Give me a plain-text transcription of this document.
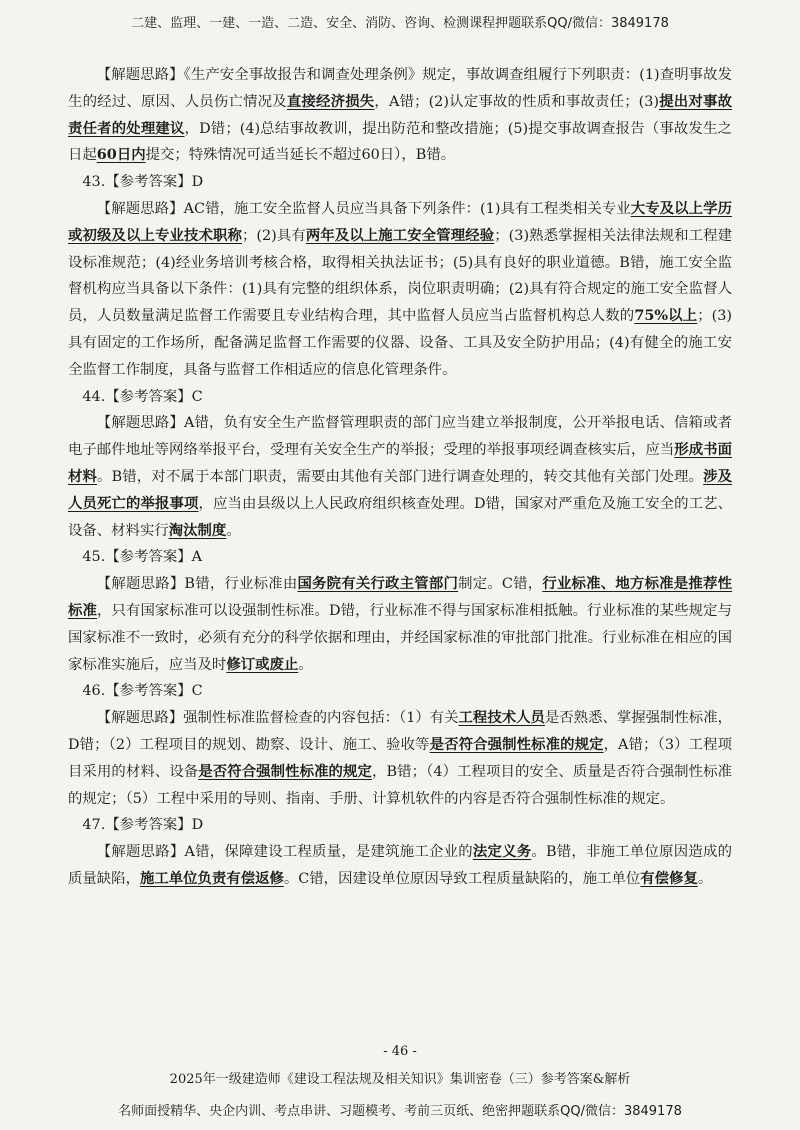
二建、监理、一建、一造、二造、安全、消防、咨询、检测课程押题联系QQ/微信：3849178

【解题思路】《生产安全事故报告和调查处理条例》规定，事故调查组履行下列职责：(1)查明事故发生的经过、原因、人员伤亡情况及直接经济损失，A错；(2)认定事故的性质和事故责任；(3)提出对事故责任者的处理建议，D错；(4)总结事故教训，提出防范和整改措施；(5)提交事故调查报告（事故发生之日起60日内提交；特殊情况可适当延长不超过60日），B错。

43.【参考答案】D

【解题思路】AC错，施工安全监督人员应当具备下列条件：(1)具有工程类相关专业大专及以上学历或初级及以上专业技术职称；(2)具有两年及以上施工安全管理经验；(3)熟悉掌握相关法律法规和工程建设标准规范；(4)经业务培训考核合格，取得相关执法证书；(5)具有良好的职业道德。B错，施工安全监督机构应当具备以下条件：(1)具有完整的组织体系，岗位职责明确；(2)具有符合规定的施工安全监督人员，人员数量满足监督工作需要且专业结构合理，其中监督人员应当占监督机构总人数的75%以上；(3)具有固定的工作场所，配备满足监督工作需要的仪器、设备、工具及安全防护用品；(4)有健全的施工安全监督工作制度，具备与监督工作相适应的信息化管理条件。

44.【参考答案】C

【解题思路】A错，负有安全生产监督管理职责的部门应当建立举报制度，公开举报电话、信箱或者电子邮件地址等网络举报平台，受理有关安全生产的举报；受理的举报事项经调查核实后，应当形成书面材料。B错，对不属于本部门职责，需要由其他有关部门进行调查处理的，转交其他有关部门处理。涉及人员死亡的举报事项，应当由县级以上人民政府组织核查处理。D错，国家对严重危及施工安全的工艺、设备、材料实行淘汰制度。

45.【参考答案】A

【解题思路】B错，行业标准由国务院有关行政主管部门制定。C错，行业标准、地方标准是推荐性标准，只有国家标准可以设强制性标准。D错，行业标准不得与国家标准相抵触。行业标准的某些规定与国家标准不一致时，必须有充分的科学依据和理由，并经国家标准的审批部门批准。行业标准在相应的国家标准实施后，应当及时修订或废止。

46.【参考答案】C

【解题思路】强制性标准监督检查的内容包括：（1）有关工程技术人员是否熟悉、掌握强制性标准，D错；（2）工程项目的规划、勘察、设计、施工、验收等是否符合强制性标准的规定，A错；（3）工程项目采用的材料、设备是否符合强制性标准的规定，B错；（4）工程项目的安全、质量是否符合强制性标准的规定；（5）工程中采用的导则、指南、手册、计算机软件的内容是否符合强制性标准的规定。

47.【参考答案】D

【解题思路】A错，保障建设工程质量，是建筑施工企业的法定义务。B错，非施工单位原因造成的质量缺陷，施工单位负责有偿返修。C错，因建设单位原因导致工程质量缺陷的，施工单位有偿修复。

- 46 -
2025年一级建造师《建设工程法规及相关知识》集训密卷（三）参考答案&解析
名师面授精华、央企内训、考点串讲、习题模考、考前三页纸、绝密押题联系QQ/微信：3849178
